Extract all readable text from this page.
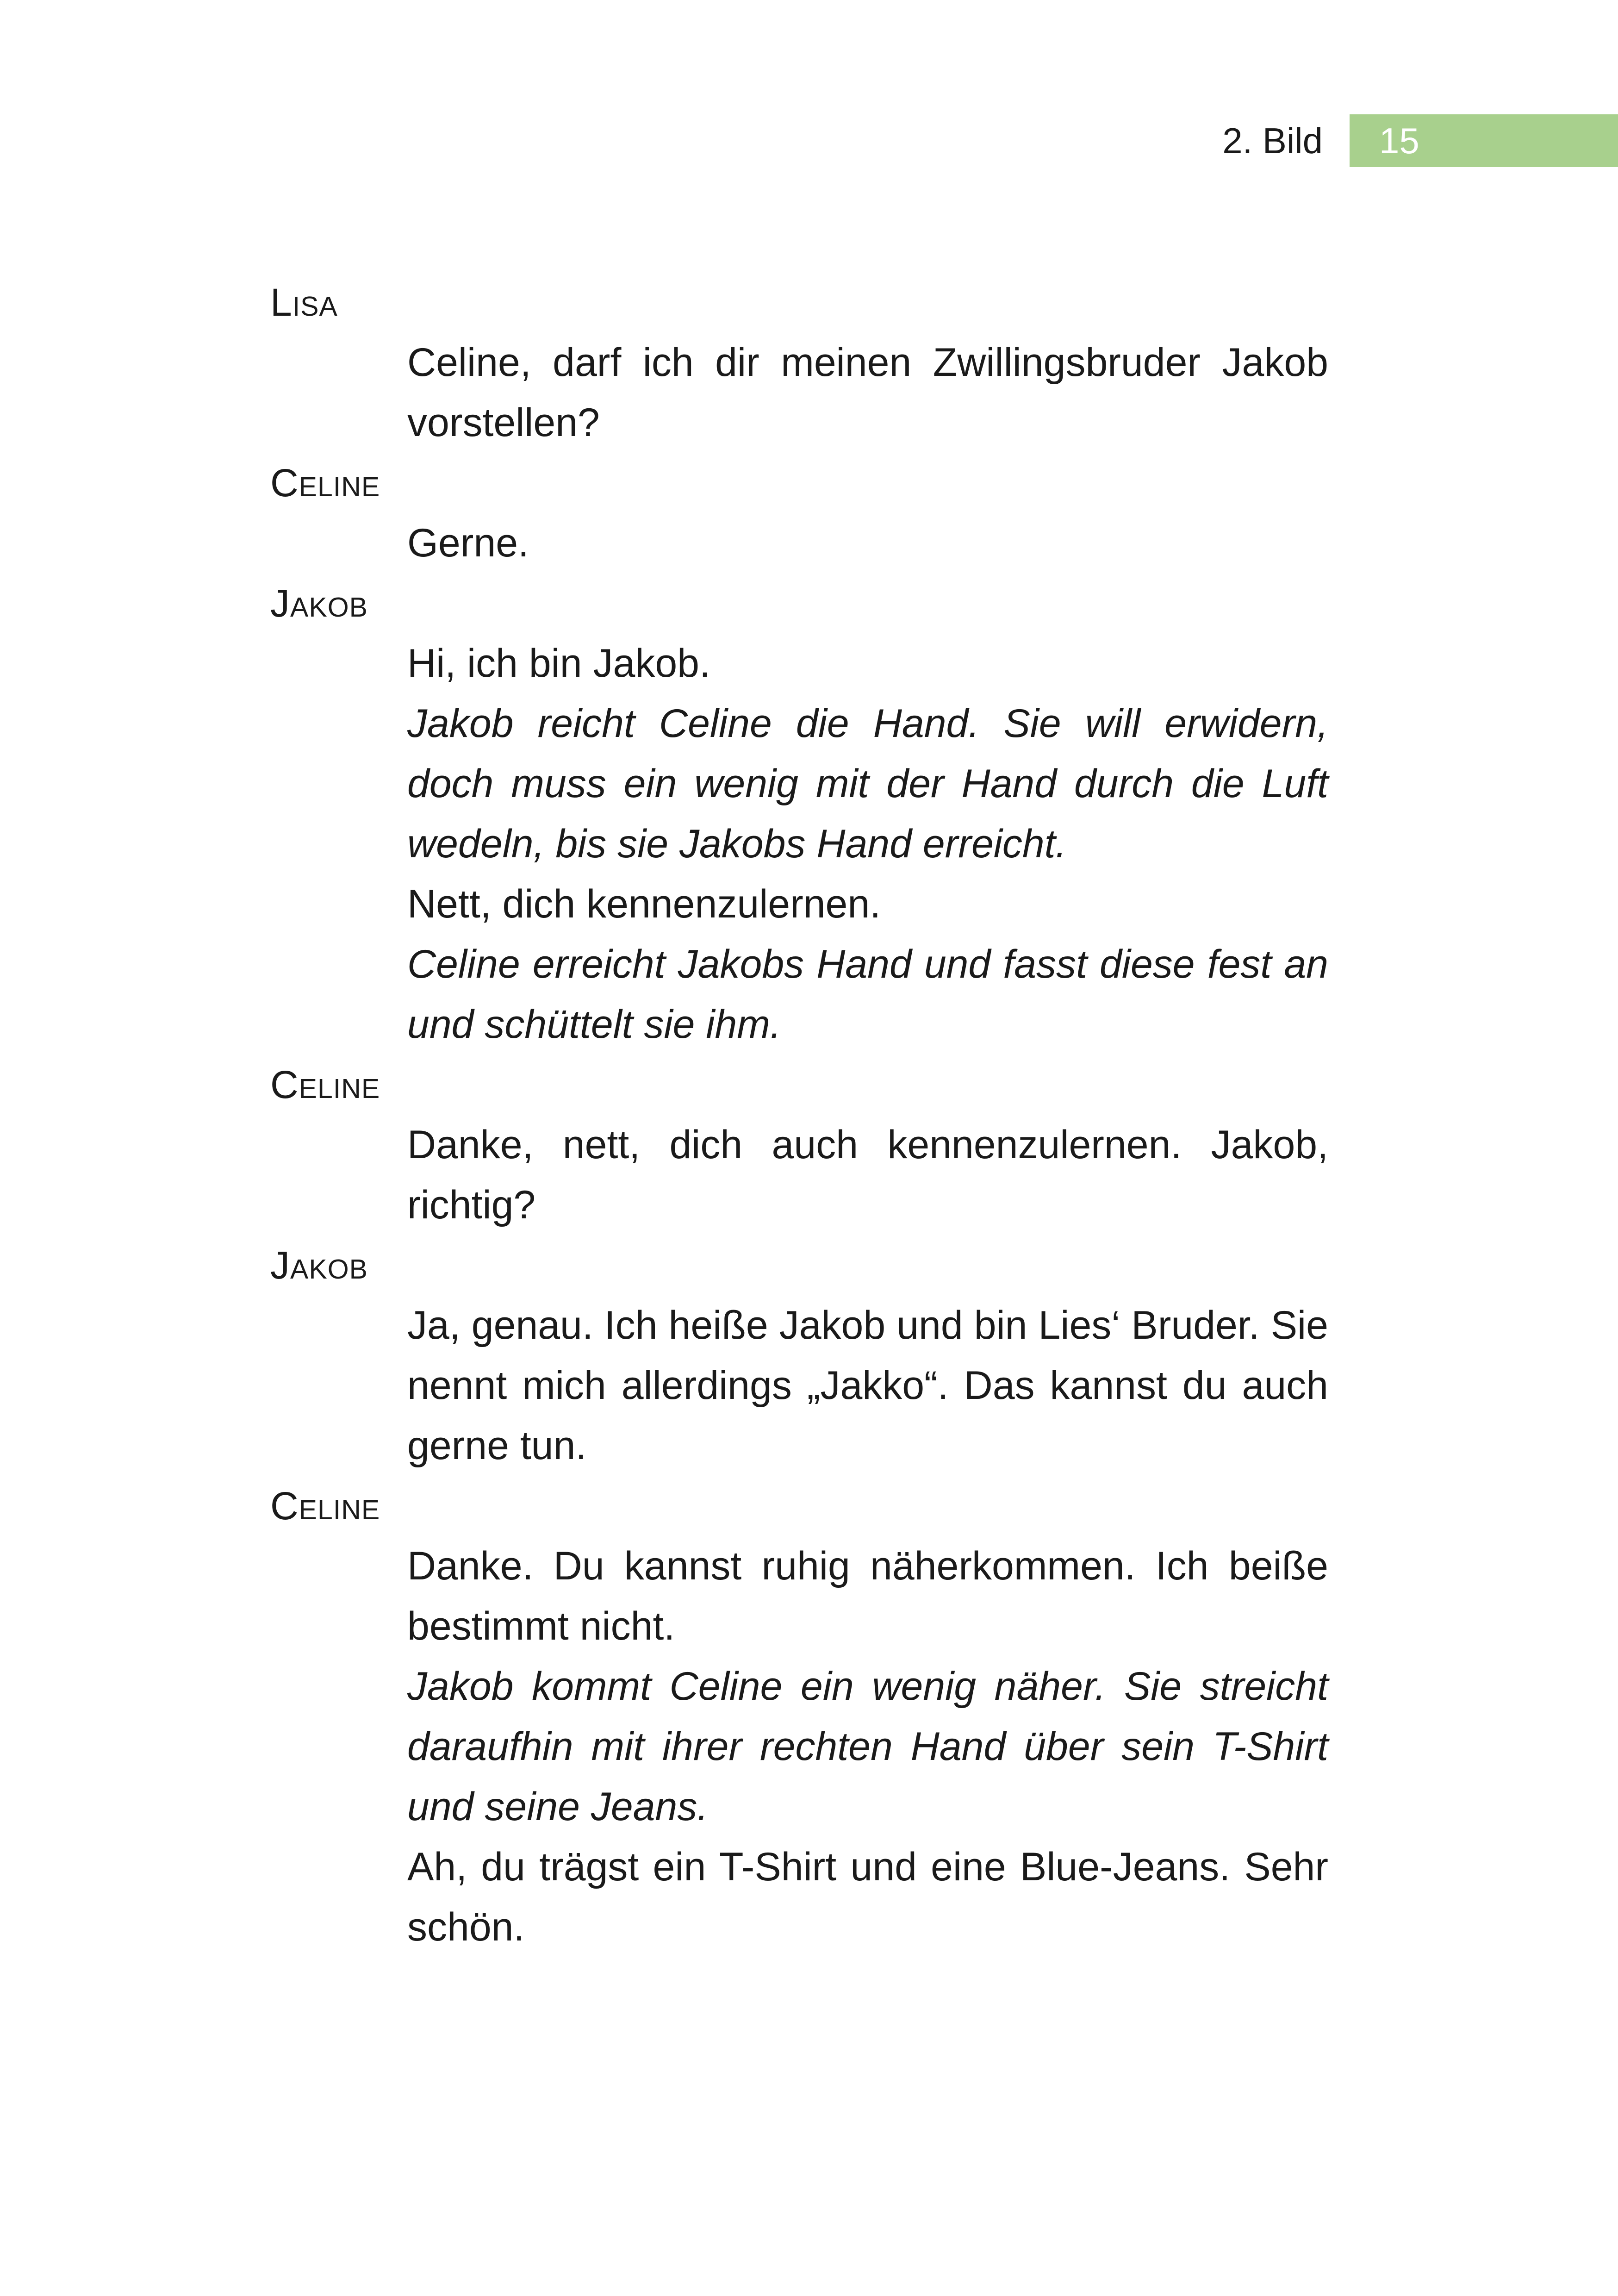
2. Bild	15
Lisa

Celine, darf ich dir meinen Zwillingsbruder Jakob vorstellen?

Celine

Gerne.

Jakob

Hi, ich bin Jakob.

Jakob reicht Celine die Hand. Sie will erwidern, doch muss ein wenig mit der Hand durch die Luft wedeln, bis sie Jakobs Hand erreicht.

Nett, dich kennenzulernen.

Celine erreicht Jakobs Hand und fasst diese fest an und schüttelt sie ihm.

Celine

Danke, nett, dich auch kennenzulernen. Jakob, richtig?

Jakob

Ja, genau. Ich heiße Jakob und bin Lies‘ Bruder. Sie nennt mich allerdings „Jakko“. Das kannst du auch gerne tun.

Celine

Danke. Du kannst ruhig näherkommen. Ich beiße bestimmt nicht.

Jakob kommt Celine ein wenig näher. Sie streicht daraufhin mit ihrer rechten Hand über sein T-Shirt und seine Jeans.

Ah, du trägst ein T-Shirt und eine Blue-Jeans. Sehr schön.
